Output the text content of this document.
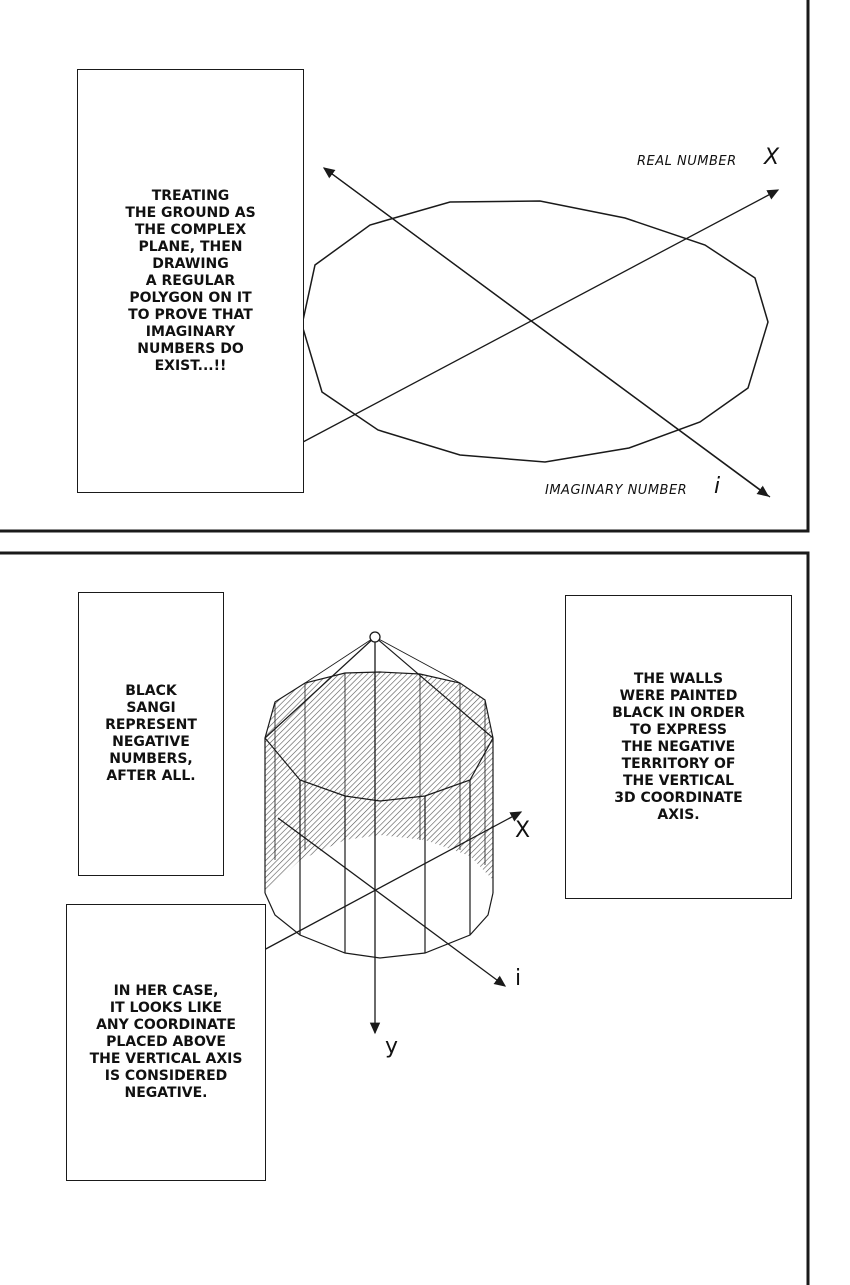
TREATING
THE GROUND AS
THE COMPLEX
PLANE, THEN
DRAWING
A REGULAR
POLYGON ON IT
TO PROVE THAT
IMAGINARY
NUMBERS DO
EXIST...!!
REAL NUMBER X
IMAGINARY NUMBER i
BLACK
SANGI
REPRESENT
NEGATIVE
NUMBERS,
AFTER ALL.
THE WALLS
WERE PAINTED
BLACK IN ORDER
TO EXPRESS
THE NEGATIVE
TERRITORY OF
THE VERTICAL
3D COORDINATE
AXIS.
IN HER CASE,
IT LOOKS LIKE
ANY COORDINATE
PLACED ABOVE
THE VERTICAL AXIS
IS CONSIDERED
NEGATIVE.
X
i
y
